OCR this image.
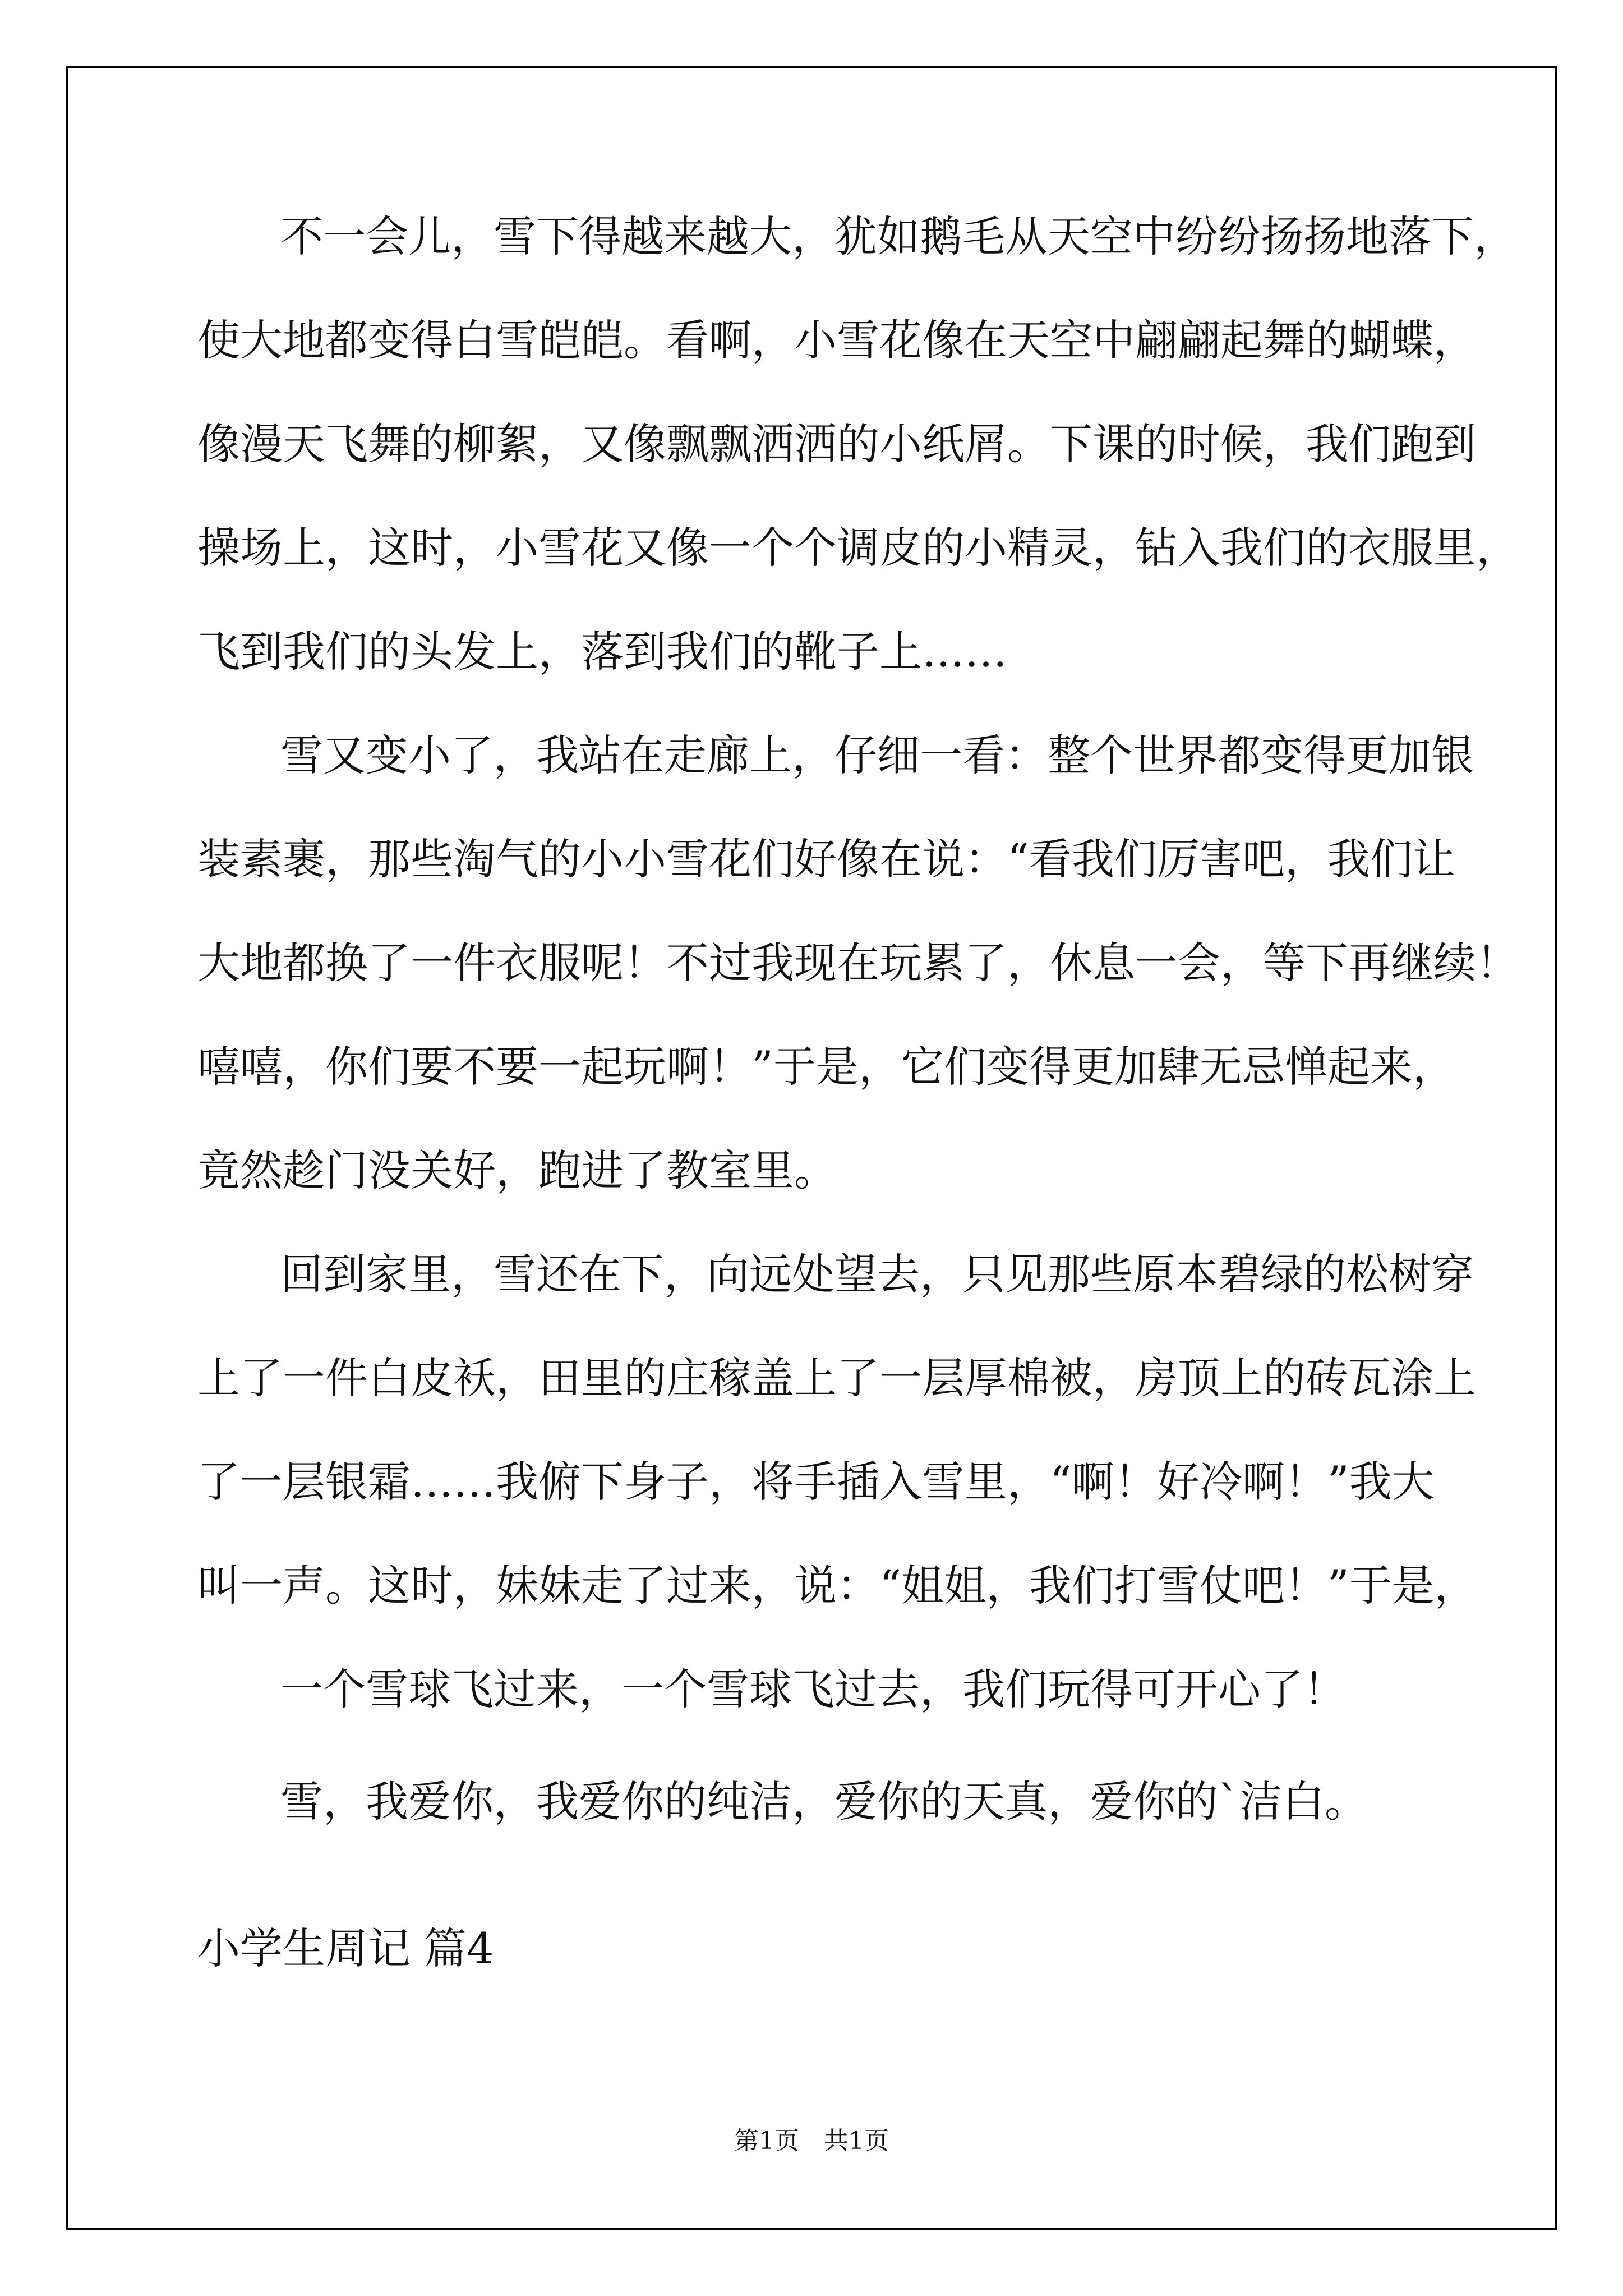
不一会儿，雪下得越来越大，犹如鹅毛从天空中纷纷扬扬地落下，
使大地都变得白雪皑皑。看啊，小雪花像在天空中翩翩起舞的蝴蝶，
像漫天飞舞的柳絮，又像飘飘洒洒的小纸屑。下课的时候，我们跑到
操场上，这时，小雪花又像一个个调皮的小精灵，钻入我们的衣服里，
飞到我们的头发上，落到我们的靴子上……
雪又变小了，我站在走廊上，仔细一看：整个世界都变得更加银
装素裹，那些淘气的小小雪花们好像在说：“看我们厉害吧，我们让
大地都换了一件衣服呢！不过我现在玩累了，休息一会，等下再继续！
嘻嘻，你们要不要一起玩啊！”于是，它们变得更加肆无忌惮起来，
竟然趁门没关好，跑进了教室里。
回到家里，雪还在下，向远处望去，只见那些原本碧绿的松树穿
上了一件白皮袄，田里的庄稼盖上了一层厚棉被，房顶上的砖瓦涂上
了一层银霜……我俯下身子，将手插入雪里，“啊！好冷啊！”我大
叫一声。这时，妹妹走了过来，说：“姐姐，我们打雪仗吧！”于是，
一个雪球飞过来，一个雪球飞过去，我们玩得可开心了！
雪，我爱你，我爱你的纯洁，爱你的天真，爱你的`洁白。
小学生周记 篇4
第1页　共1页
